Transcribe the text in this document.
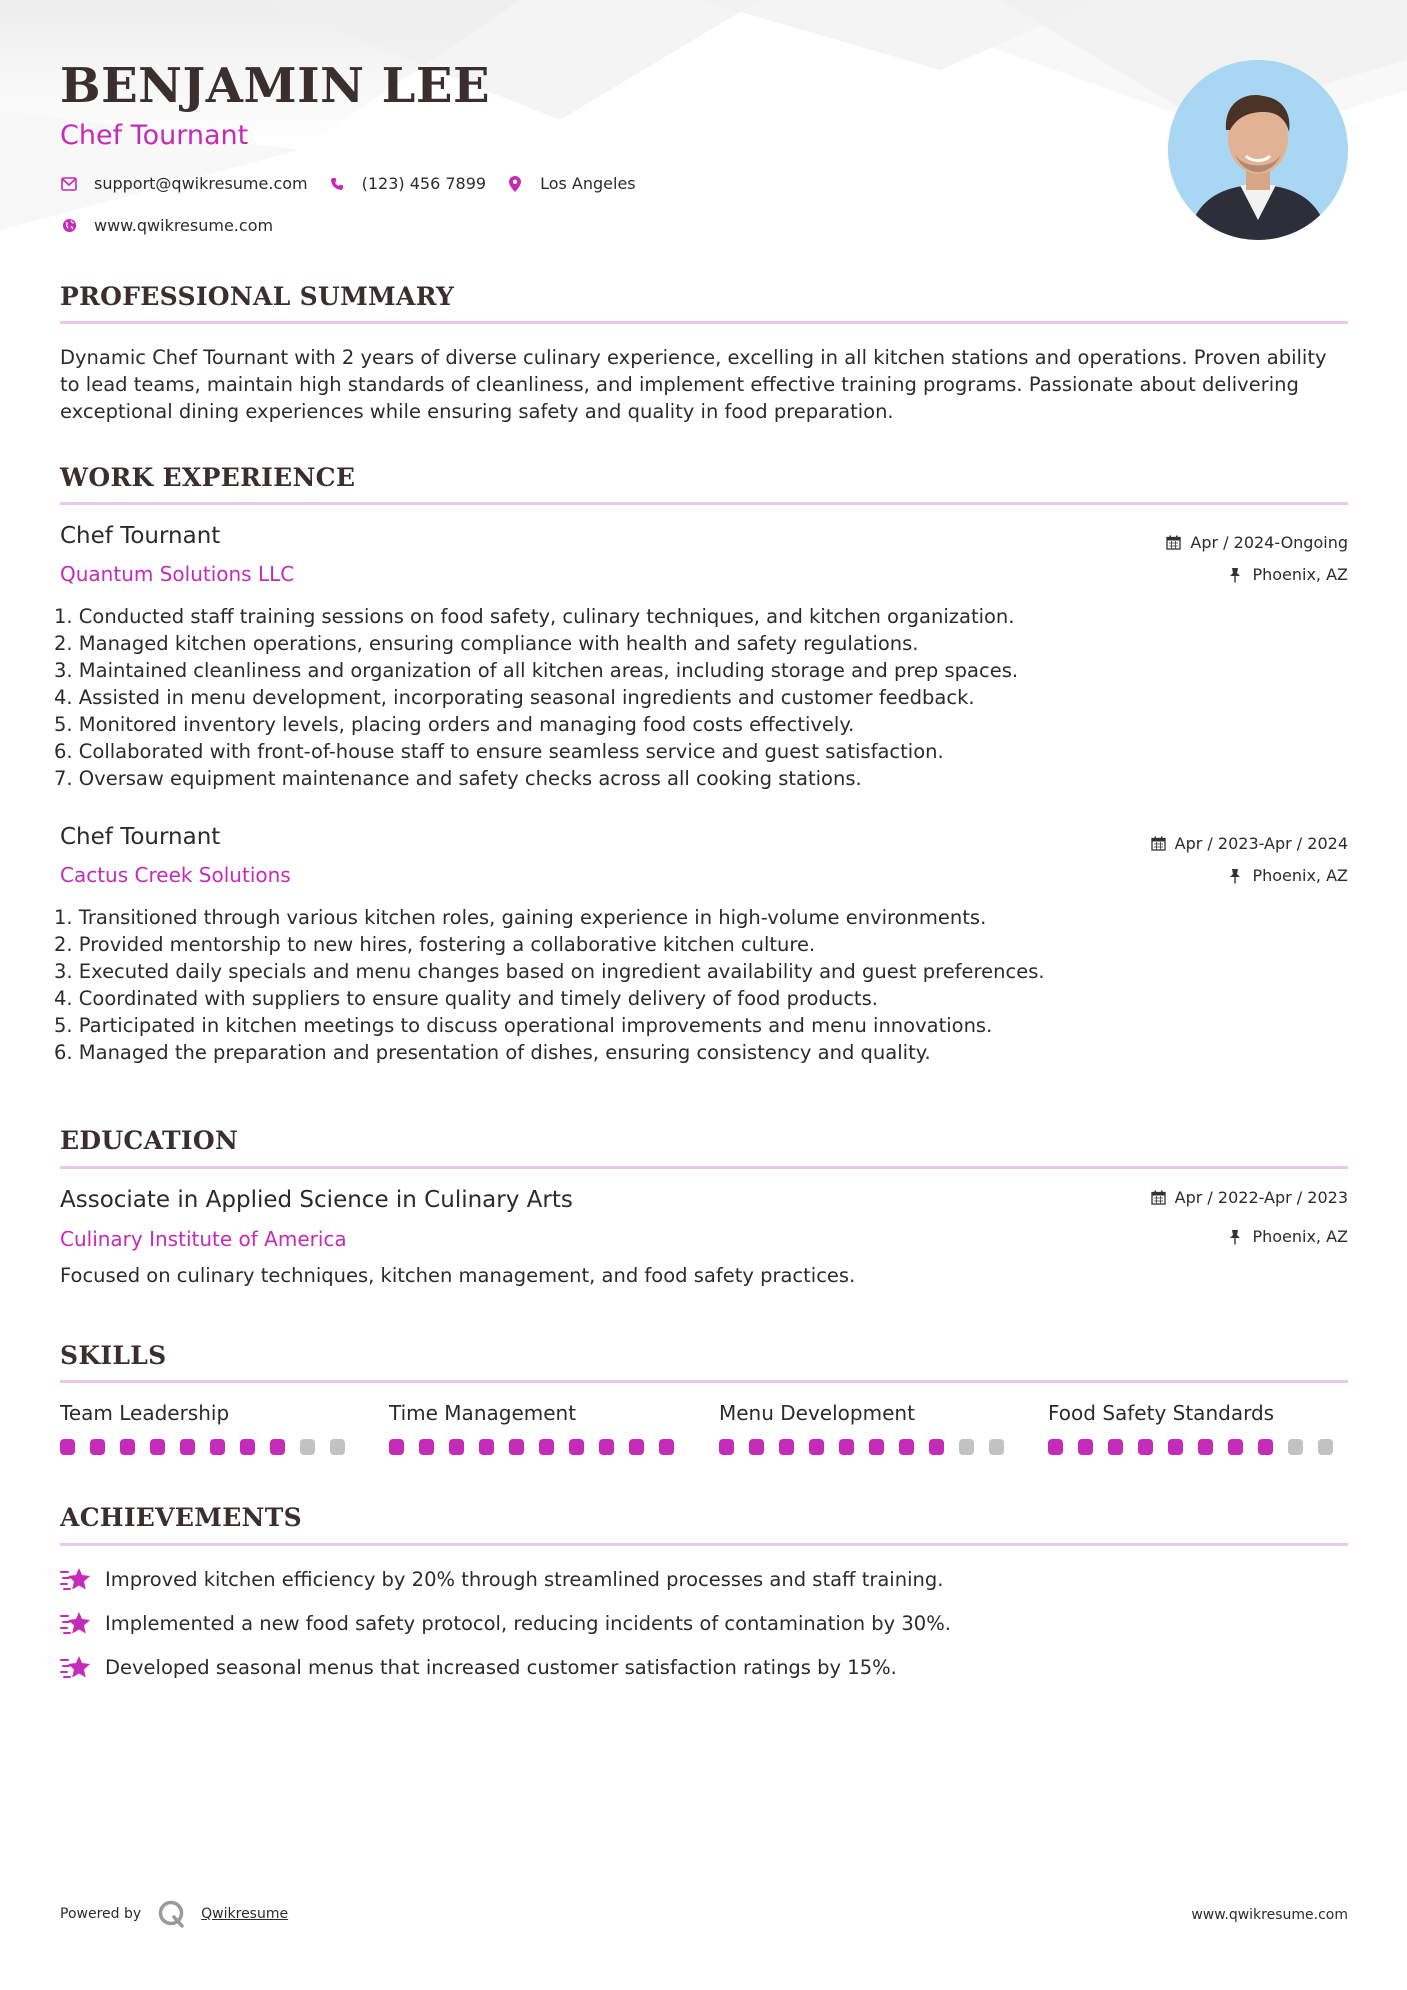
BENJAMIN LEE
Chef Tournant
support@qwikresume.com	(123) 456 7899	Los Angeles
www.qwikresume.com
PROFESSIONAL SUMMARY
Dynamic Chef Tournant with 2 years of diverse culinary experience, excelling in all kitchen stations and operations. Proven ability to lead teams, maintain high standards of cleanliness, and implement effective training programs. Passionate about delivering exceptional dining experiences while ensuring safety and quality in food preparation.
WORK EXPERIENCE
Chef Tournant
Quantum Solutions LLC
Apr / 2024-Ongoing
Phoenix, AZ
1. Conducted staff training sessions on food safety, culinary techniques, and kitchen organization.
2. Managed kitchen operations, ensuring compliance with health and safety regulations.
3. Maintained cleanliness and organization of all kitchen areas, including storage and prep spaces.
4. Assisted in menu development, incorporating seasonal ingredients and customer feedback.
5. Monitored inventory levels, placing orders and managing food costs effectively.
6. Collaborated with front-of-house staff to ensure seamless service and guest satisfaction.
7. Oversaw equipment maintenance and safety checks across all cooking stations.
Chef Tournant
Cactus Creek Solutions
Apr / 2023-Apr / 2024
Phoenix, AZ
1. Transitioned through various kitchen roles, gaining experience in high-volume environments.
2. Provided mentorship to new hires, fostering a collaborative kitchen culture.
3. Executed daily specials and menu changes based on ingredient availability and guest preferences.
4. Coordinated with suppliers to ensure quality and timely delivery of food products.
5. Participated in kitchen meetings to discuss operational improvements and menu innovations.
6. Managed the preparation and presentation of dishes, ensuring consistency and quality.
EDUCATION
Associate in Applied Science in Culinary Arts
Culinary Institute of America
Apr / 2022-Apr / 2023
Phoenix, AZ
Focused on culinary techniques, kitchen management, and food safety practices.
SKILLS
Team Leadership	Time Management	Menu Development	Food Safety Standards
ACHIEVEMENTS
Improved kitchen efficiency by 20% through streamlined processes and staff training.
Implemented a new food safety protocol, reducing incidents of contamination by 30%.
Developed seasonal menus that increased customer satisfaction ratings by 15%.
Powered by	Qwikresume	www.qwikresume.com
